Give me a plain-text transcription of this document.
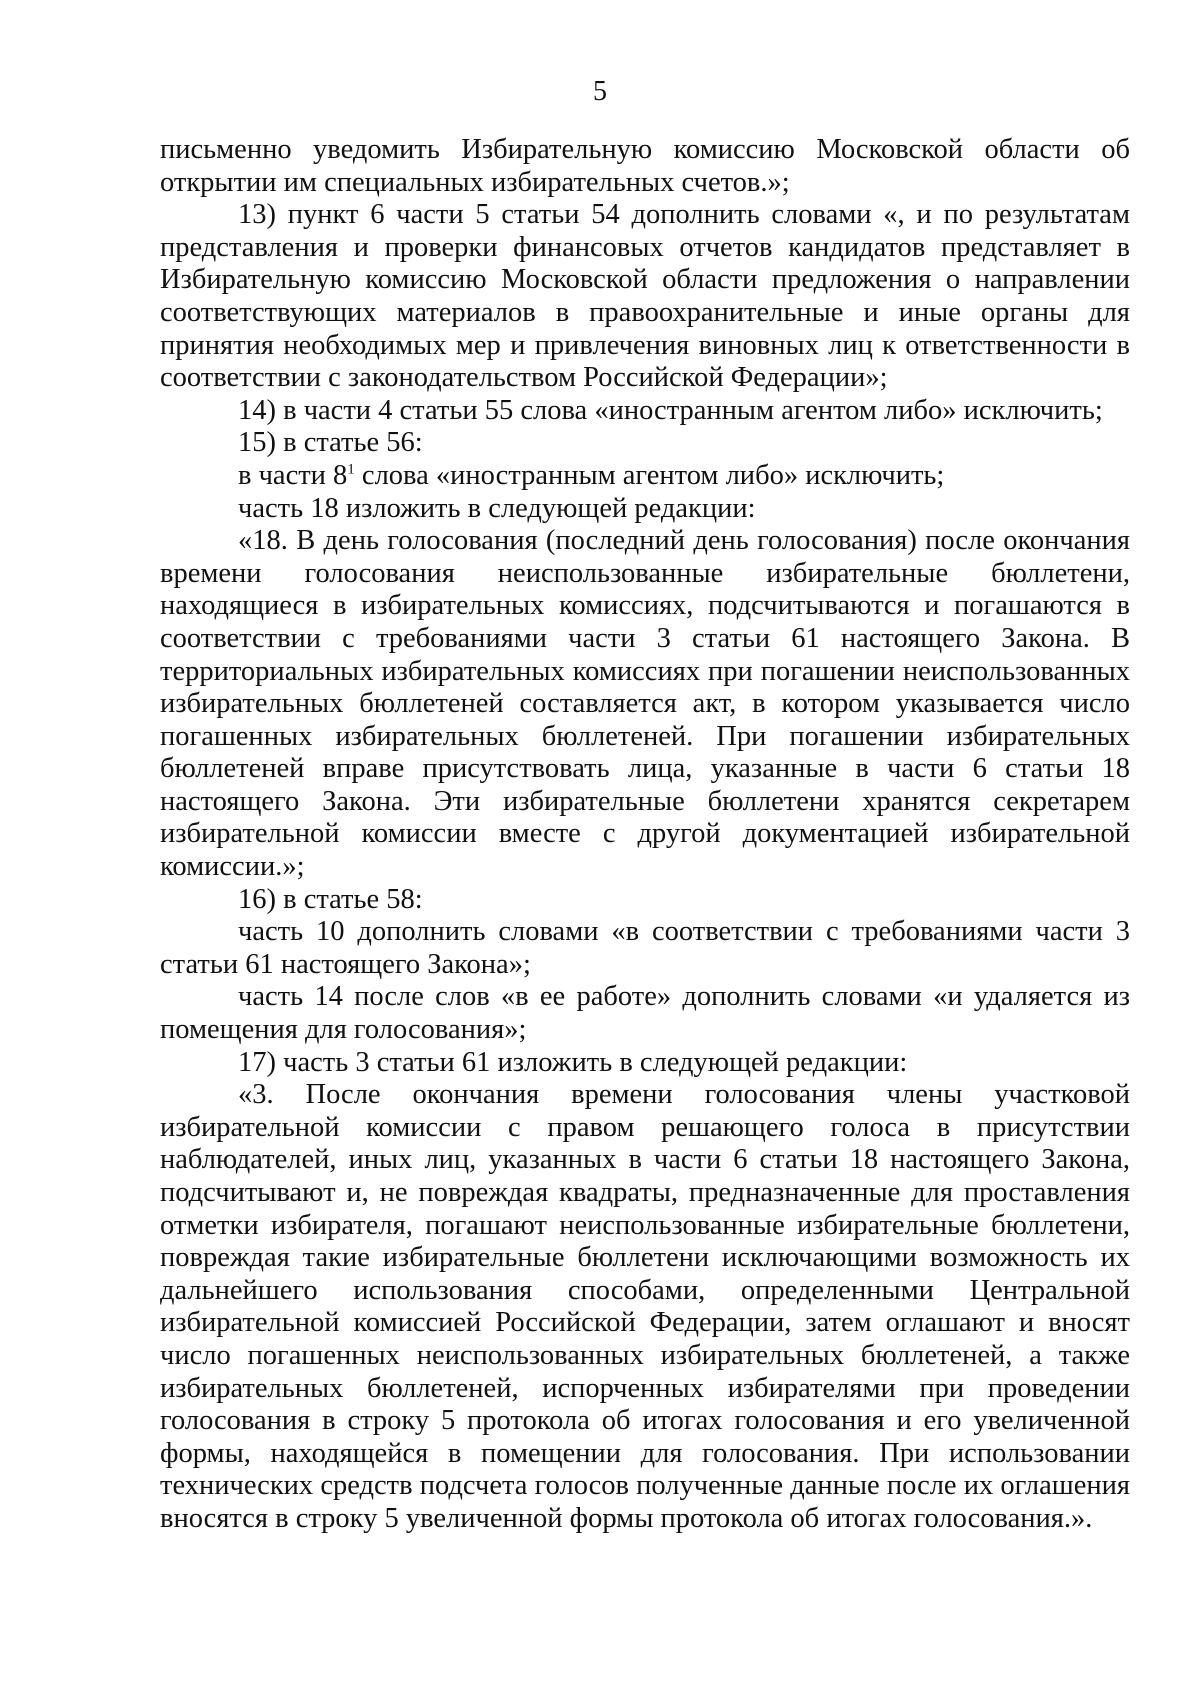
5

письменно уведомить Избирательную комиссию Московской области об открытии им специальных избирательных счетов.»;

13) пункт 6 части 5 статьи 54 дополнить словами «, и по результатам представления и проверки финансовых отчетов кандидатов представляет в Избирательную комиссию Московской области предложения о направлении соответствующих материалов в правоохранительные и иные органы для принятия необходимых мер и привлечения виновных лиц к ответственности в соответствии с законодательством Российской Федерации»;

14) в части 4 статьи 55 слова «иностранным агентом либо» исключить;

15) в статье 56:

в части $8^1$ слова «иностранным агентом либо» исключить;

часть 18 изложить в следующей редакции:

«18. В день голосования (последний день голосования) после окончания времени голосования неиспользованные избирательные бюллетени, находящиеся в избирательных комиссиях, подсчитываются и погашаются в соответствии с требованиями части 3 статьи 61 настоящего Закона. В территориальных избирательных комиссиях при погашении неиспользованных избирательных бюллетеней составляется акт, в котором указывается число погашенных избирательных бюллетеней. При погашении избирательных бюллетеней вправе присутствовать лица, указанные в части 6 статьи 18 настоящего Закона. Эти избирательные бюллетени хранятся секретарем избирательной комиссии вместе с другой документацией избирательной комиссии.»;

16) в статье 58:

часть 10 дополнить словами «в соответствии с требованиями части 3 статьи 61 настоящего Закона»;

часть 14 после слов «в ее работе» дополнить словами «и удаляется из помещения для голосования»;

17) часть 3 статьи 61 изложить в следующей редакции:

«3. После окончания времени голосования члены участковой избирательной комиссии с правом решающего голоса в присутствии наблюдателей, иных лиц, указанных в части 6 статьи 18 настоящего Закона, подсчитывают и, не повреждая квадраты, предназначенные для проставления отметки избирателя, погашают неиспользованные избирательные бюллетени, повреждая такие избирательные бюллетени исключающими возможность их дальнейшего использования способами, определенными Центральной избирательной комиссией Российской Федерации, затем оглашают и вносят число погашенных неиспользованных избирательных бюллетеней, а также избирательных бюллетеней, испорченных избирателями при проведении голосования в строку 5 протокола об итогах голосования и его увеличенной формы, находящейся в помещении для голосования. При использовании технических средств подсчета голосов полученные данные после их оглашения вносятся в строку 5 увеличенной формы протокола об итогах голосования.».
